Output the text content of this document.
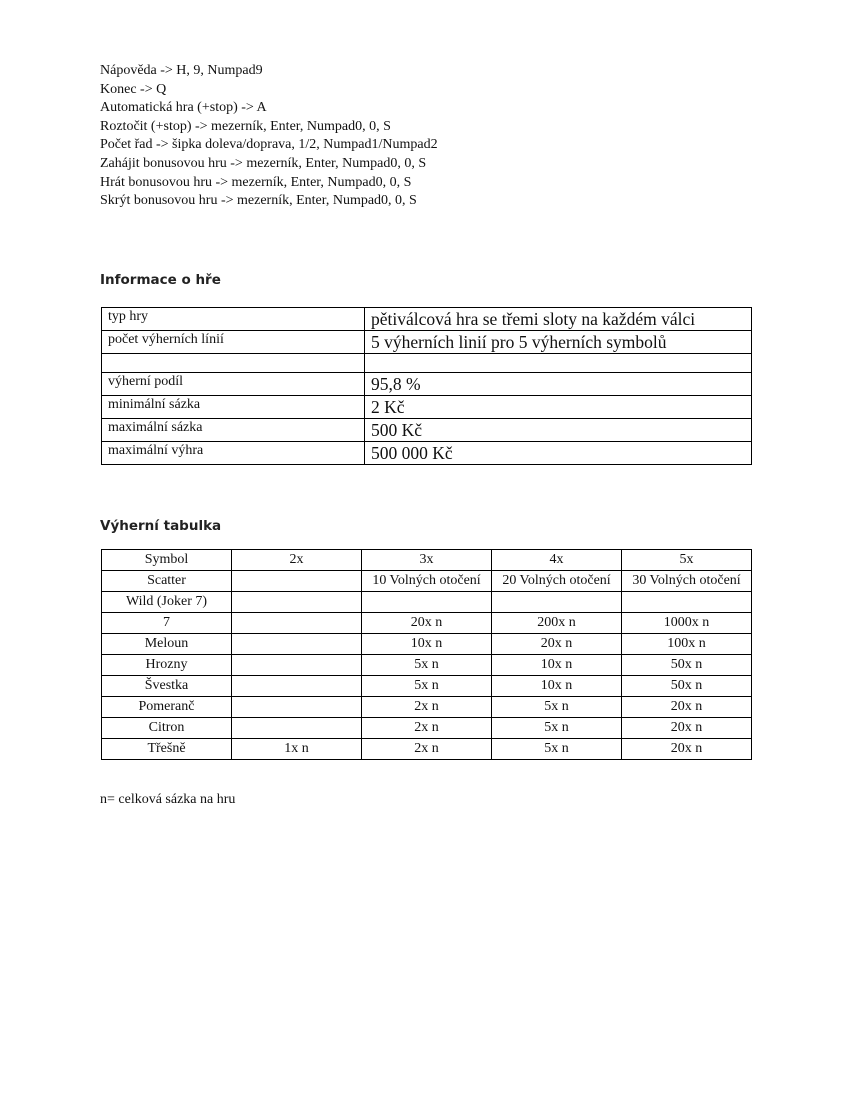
Nápověda -> H, 9, Numpad9
Konec -> Q
Automatická hra (+stop) -> A
Roztočit (+stop) -> mezerník, Enter, Numpad0, 0, S
Počet řad -> šipka doleva/doprava, 1/2, Numpad1/Numpad2
Zahájit bonusovou hru -> mezerník, Enter, Numpad0, 0, S
Hrát bonusovou hru -> mezerník, Enter, Numpad0, 0, S
Skrýt bonusovou hru -> mezerník, Enter, Numpad0, 0, S
Informace o hře
typ hry	pětiválcová hra se třemi sloty na každém válci
počet výherních línií	5 výherních linií pro 5 výherních symbolů

výherní podíl	95,8 %
minimální sázka	2 Kč
maximální sázka	500 Kč
maximální výhra	500 000 Kč
Výherní tabulka
Symbol	2x	3x	4x	5x
Scatter		10 Volných otočení	20 Volných otočení	30 Volných otočení
Wild (Joker 7)				
7		20x n	200x n	1000x n
Meloun		10x n	20x n	100x n
Hrozny		5x n	10x n	50x n
Švestka		5x n	10x n	50x n
Pomeranč		2x n	5x n	20x n
Citron		2x n	5x n	20x n
Třešně	1x n	2x n	5x n	20x n
n= celková sázka na hru
